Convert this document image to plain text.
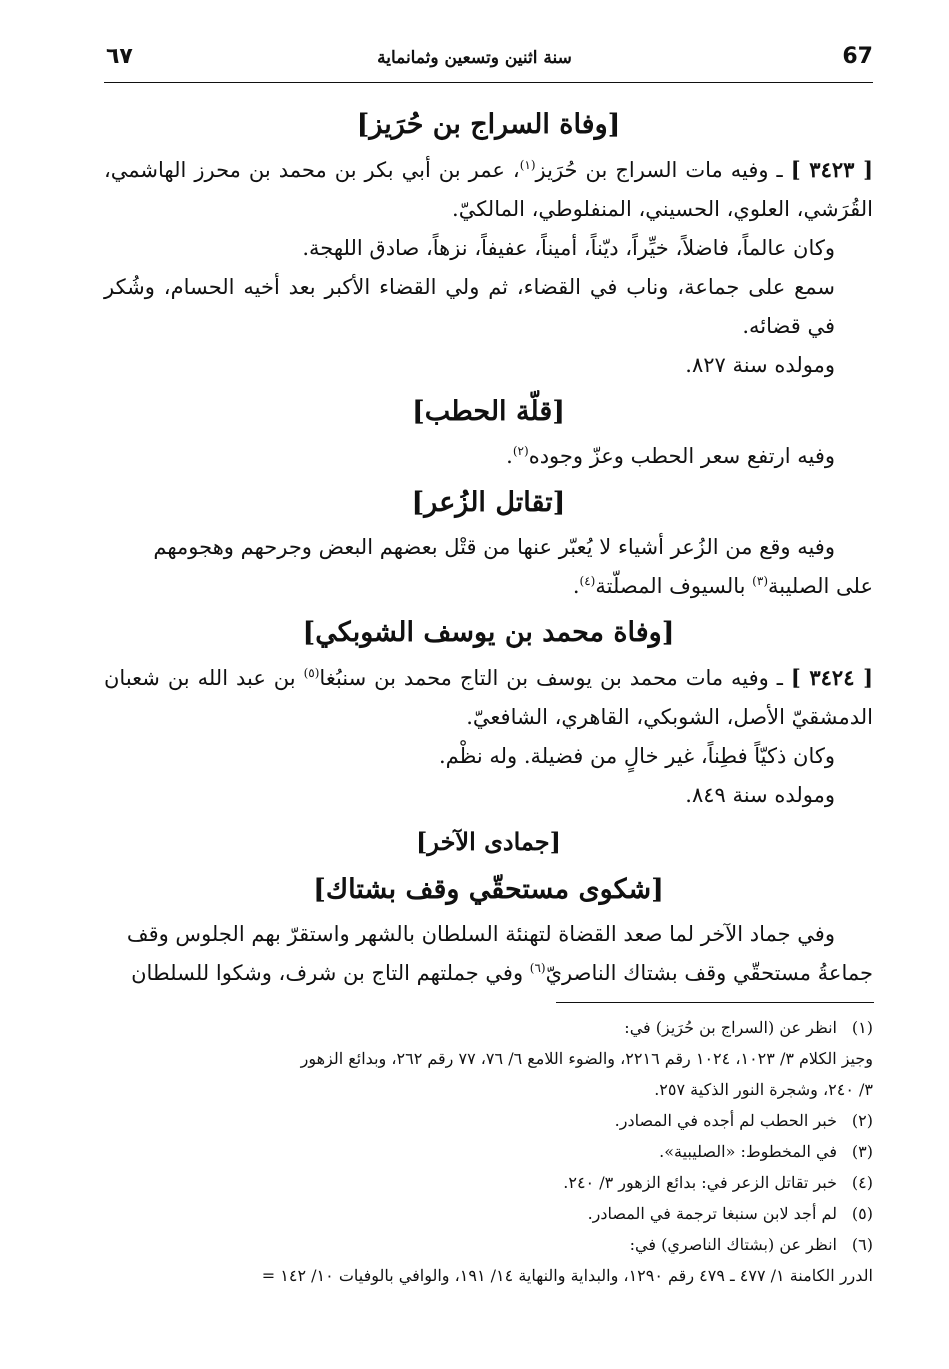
٦٧	سنة اثنين وتسعين وثمانماية	67
[وفاة السراج بن حُرَيز]

[ ٣٤٢٣ ] ـ وفيه مات السراج بن حُرَيز$^{(١)}$، عمر بن أبي بكر بن محمد بن محرز الهاشمي، القُرَشي، العلوي، الحسيني، المنفلوطي، المالكيّ.

وكان عالماً، فاضلاً، خيِّراً، ديّناً، أميناً، عفيفاً، نزهاً، صادق اللهجة.

سمع على جماعة، وناب في القضاء، ثم ولي القضاء الأكبر بعد أخيه الحسام، وشُكر في قضائه.

ومولده سنة ٨٢٧.

[قلّة الحطب]

وفيه ارتفع سعر الحطب وعزّ وجوده$^{(٢)}$.

[تقاتل الزُعر]

وفيه وقع من الزُعر أشياء لا يُعبّر عنها من قتْل بعضهم البعض وجرحهم وهجومهم

على الصليبة$^{(٣)}$ بالسيوف المصلّتة$^{(٤)}$.

[وفاة محمد بن يوسف الشوبكي]

[ ٣٤٢٤ ] ـ وفيه مات محمد بن يوسف بن التاج محمد بن سنبُغا$^{(٥)}$ بن عبد الله بن شعبان الدمشقيّ الأصل، الشوبكي، القاهري، الشافعيّ.

وكان ذكيّاً فطِناً، غير خالٍ من فضيلة. وله نظْم.

ومولده سنة ٨٤٩.

[جمادى الآخر]
[شكوى مستحقّي وقف بشتاك]

وفي جماد الآخر لما صعد القضاة لتهنئة السلطان بالشهر واستقرّ بهم الجلوس وقف

جماعةُ مستحقّي وقف بشتاك الناصريّ$^{(٦)}$ وفي جملتهم التاج بن شرف، وشكوا للسلطان

(١)
انظر عن (السراج بن حُرَيز) في:
وجيز الكلام ٣/ ١٠٢٣، ١٠٢٤ رقم ٢٢١٦، والضوء اللامع ٦/ ٧٦، ٧٧ رقم ٢٦٢، وبدائع الزهور
٣/ ٢٤٠، وشجرة النور الذكية ٢٥٧.
(٢)
خبر الحطب لم أجده في المصادر.
(٣)
في المخطوط: «الصليبية».
(٤)
خبر تقاتل الزعر في: بدائع الزهور ٣/ ٢٤٠.
(٥)
لم أجد لابن سنبغا ترجمة في المصادر.
(٦)
انظر عن (بشتاك الناصري) في:
الدرر الكامنة ١/ ٤٧٧ ـ ٤٧٩ رقم ١٢٩٠، والبداية والنهاية ١٤/ ١٩١، والوافي بالوفيات ١٠/ ١٤٢ =
